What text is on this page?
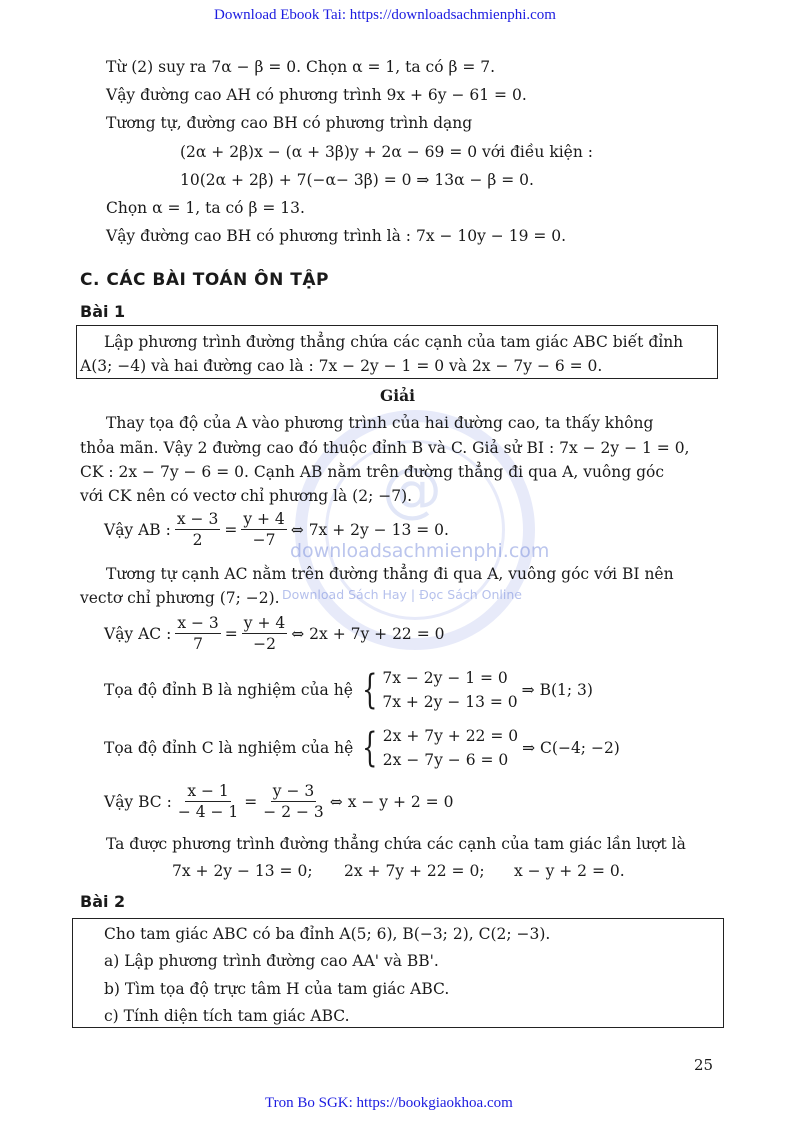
@
downloadsachmienphi.com
Download Sách Hay | Đọc Sách Online
Download Ebook Tai: https://downloadsachmienphi.com
Từ (2) suy ra 7α − β = 0. Chọn α = 1, ta có β = 7.
Vậy đường cao AH có phương trình 9x + 6y − 61 = 0.
Tương tự, đường cao BH có phương trình dạng
(2α + 2β)x − (α + 3β)y + 2α − 69 = 0 với điều kiện :
10(2α + 2β) + 7(−α− 3β) = 0 ⇒ 13α − β = 0.
Chọn α = 1, ta có β = 13.
Vậy đường cao BH có phương trình là : 7x − 10y − 19 = 0.
C. CÁC BÀI TOÁN ÔN TẬP
Bài 1
Lập phương trình đường thẳng chứa các cạnh của tam giác ABC biết đỉnh
A(3; −4) và hai đường cao là : 7x − 2y − 1 = 0 và 2x − 7y − 6 = 0.
Giải
Thay tọa độ của A vào phương trình của hai đường cao, ta thấy không
thỏa mãn. Vậy 2 đường cao đó thuộc đỉnh B và C. Giả sử BI : 7x − 2y − 1 = 0,
CK : 2x − 7y − 6 = 0. Cạnh AB nằm trên đường thẳng đi qua A, vuông góc
với CK nên có vectơ chỉ phương là (2; −7).
Vậy AB : $\frac{x - 3}{2} = \frac{y + 4}{-7}$ ⇔ 7x + 2y − 13 = 0.
Tương tự cạnh AC nằm trên đường thẳng đi qua A, vuông góc với BI nên
vectơ chỉ phương (7; −2).
Vậy AC : $\frac{x - 3}{7} = \frac{y + 4}{-2}$ ⇔ 2x + 7y + 22 = 0
Tọa độ đỉnh B là nghiệm của hệ { 7x − 2y − 1 = 0
7x + 2y − 13 = 0
⇒ B(1; 3)
Tọa độ đỉnh C là nghiệm của hệ { 2x + 7y + 22 = 0
2x − 7y − 6 = 0
⇒ C(−4; −2)
Vậy BC : $\frac{x - 1}{- 4 - 1} = \frac{y - 3}{- 2 - 3}$ ⇔ x − y + 2 = 0
Ta được phương trình đường thẳng chứa các cạnh của tam giác lần lượt là
7x + 2y − 13 = 0; 2x + 7y + 22 = 0; x − y + 2 = 0.
Bài 2
Cho tam giác ABC có ba đỉnh A(5; 6), B(−3; 2), C(2; −3).
a) Lập phương trình đường cao AA' và BB'.
b) Tìm tọa độ trực tâm H của tam giác ABC.
c) Tính diện tích tam giác ABC.
25
Tron Bo SGK: https://bookgiaokhoa.com
